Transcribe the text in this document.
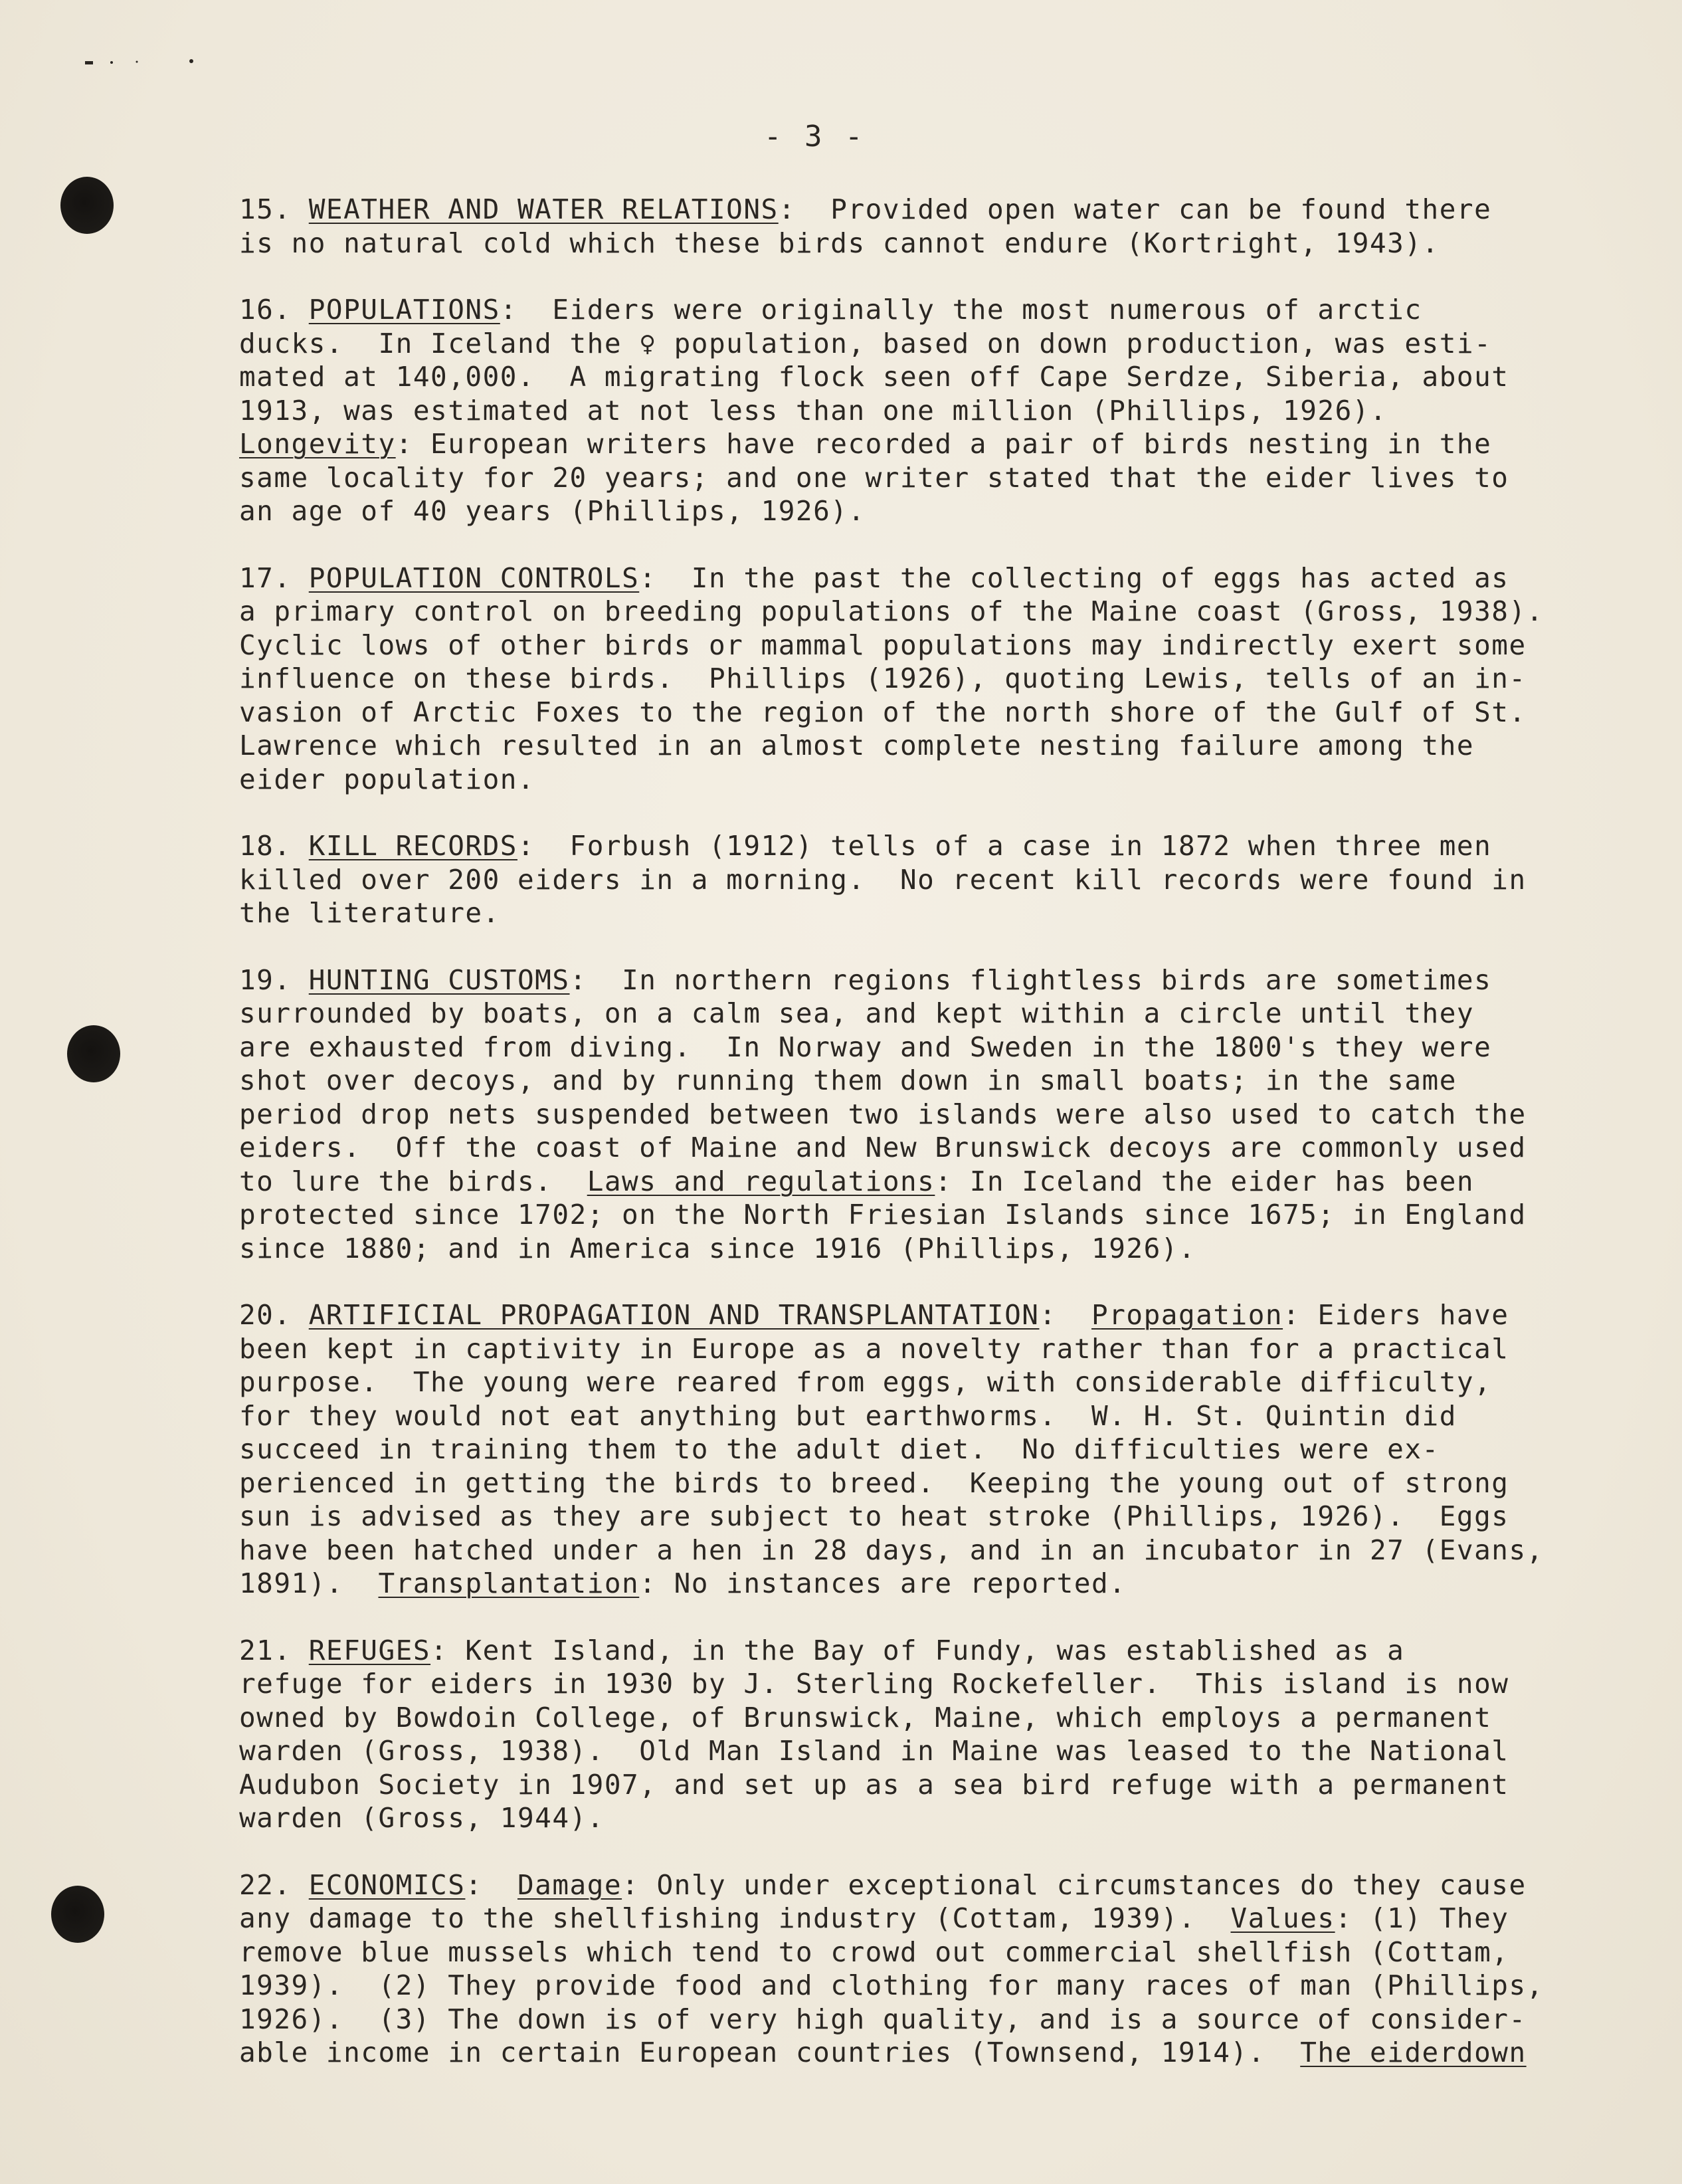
- 3 -
15. WEATHER AND WATER RELATIONS:  Provided open water can be found there
is no natural cold which these birds cannot endure (Kortright, 1943).
16. POPULATIONS:  Eiders were originally the most numerous of arctic
ducks.  In Iceland the ♀ population, based on down production, was esti-
mated at 140,000.  A migrating flock seen off Cape Serdze, Siberia, about
1913, was estimated at not less than one million (Phillips, 1926).
Longevity: European writers have recorded a pair of birds nesting in the
same locality for 20 years; and one writer stated that the eider lives to
an age of 40 years (Phillips, 1926).
17. POPULATION CONTROLS:  In the past the collecting of eggs has acted as
a primary control on breeding populations of the Maine coast (Gross, 1938).
Cyclic lows of other birds or mammal populations may indirectly exert some
influence on these birds.  Phillips (1926), quoting Lewis, tells of an in-
vasion of Arctic Foxes to the region of the north shore of the Gulf of St.
Lawrence which resulted in an almost complete nesting failure among the
eider population.
18. KILL RECORDS:  Forbush (1912) tells of a case in 1872 when three men
killed over 200 eiders in a morning.  No recent kill records were found in
the literature.
19. HUNTING CUSTOMS:  In northern regions flightless birds are sometimes
surrounded by boats, on a calm sea, and kept within a circle until they
are exhausted from diving.  In Norway and Sweden in the 1800's they were
shot over decoys, and by running them down in small boats; in the same
period drop nets suspended between two islands were also used to catch the
eiders.  Off the coast of Maine and New Brunswick decoys are commonly used
to lure the birds.  Laws and regulations: In Iceland the eider has been
protected since 1702; on the North Friesian Islands since 1675; in England
since 1880; and in America since 1916 (Phillips, 1926).
20. ARTIFICIAL PROPAGATION AND TRANSPLANTATION:  Propagation: Eiders have
been kept in captivity in Europe as a novelty rather than for a practical
purpose.  The young were reared from eggs, with considerable difficulty,
for they would not eat anything but earthworms.  W. H. St. Quintin did
succeed in training them to the adult diet.  No difficulties were ex-
perienced in getting the birds to breed.  Keeping the young out of strong
sun is advised as they are subject to heat stroke (Phillips, 1926).  Eggs
have been hatched under a hen in 28 days, and in an incubator in 27 (Evans,
1891).  Transplantation: No instances are reported.
21. REFUGES: Kent Island, in the Bay of Fundy, was established as a
refuge for eiders in 1930 by J. Sterling Rockefeller.  This island is now
owned by Bowdoin College, of Brunswick, Maine, which employs a permanent
warden (Gross, 1938).  Old Man Island in Maine was leased to the National
Audubon Society in 1907, and set up as a sea bird refuge with a permanent
warden (Gross, 1944).
22. ECONOMICS:  Damage: Only under exceptional circumstances do they cause
any damage to the shellfishing industry (Cottam, 1939).  Values: (1) They
remove blue mussels which tend to crowd out commercial shellfish (Cottam,
1939).  (2) They provide food and clothing for many races of man (Phillips,
1926).  (3) The down is of very high quality, and is a source of consider-
able income in certain European countries (Townsend, 1914).  The eiderdown
